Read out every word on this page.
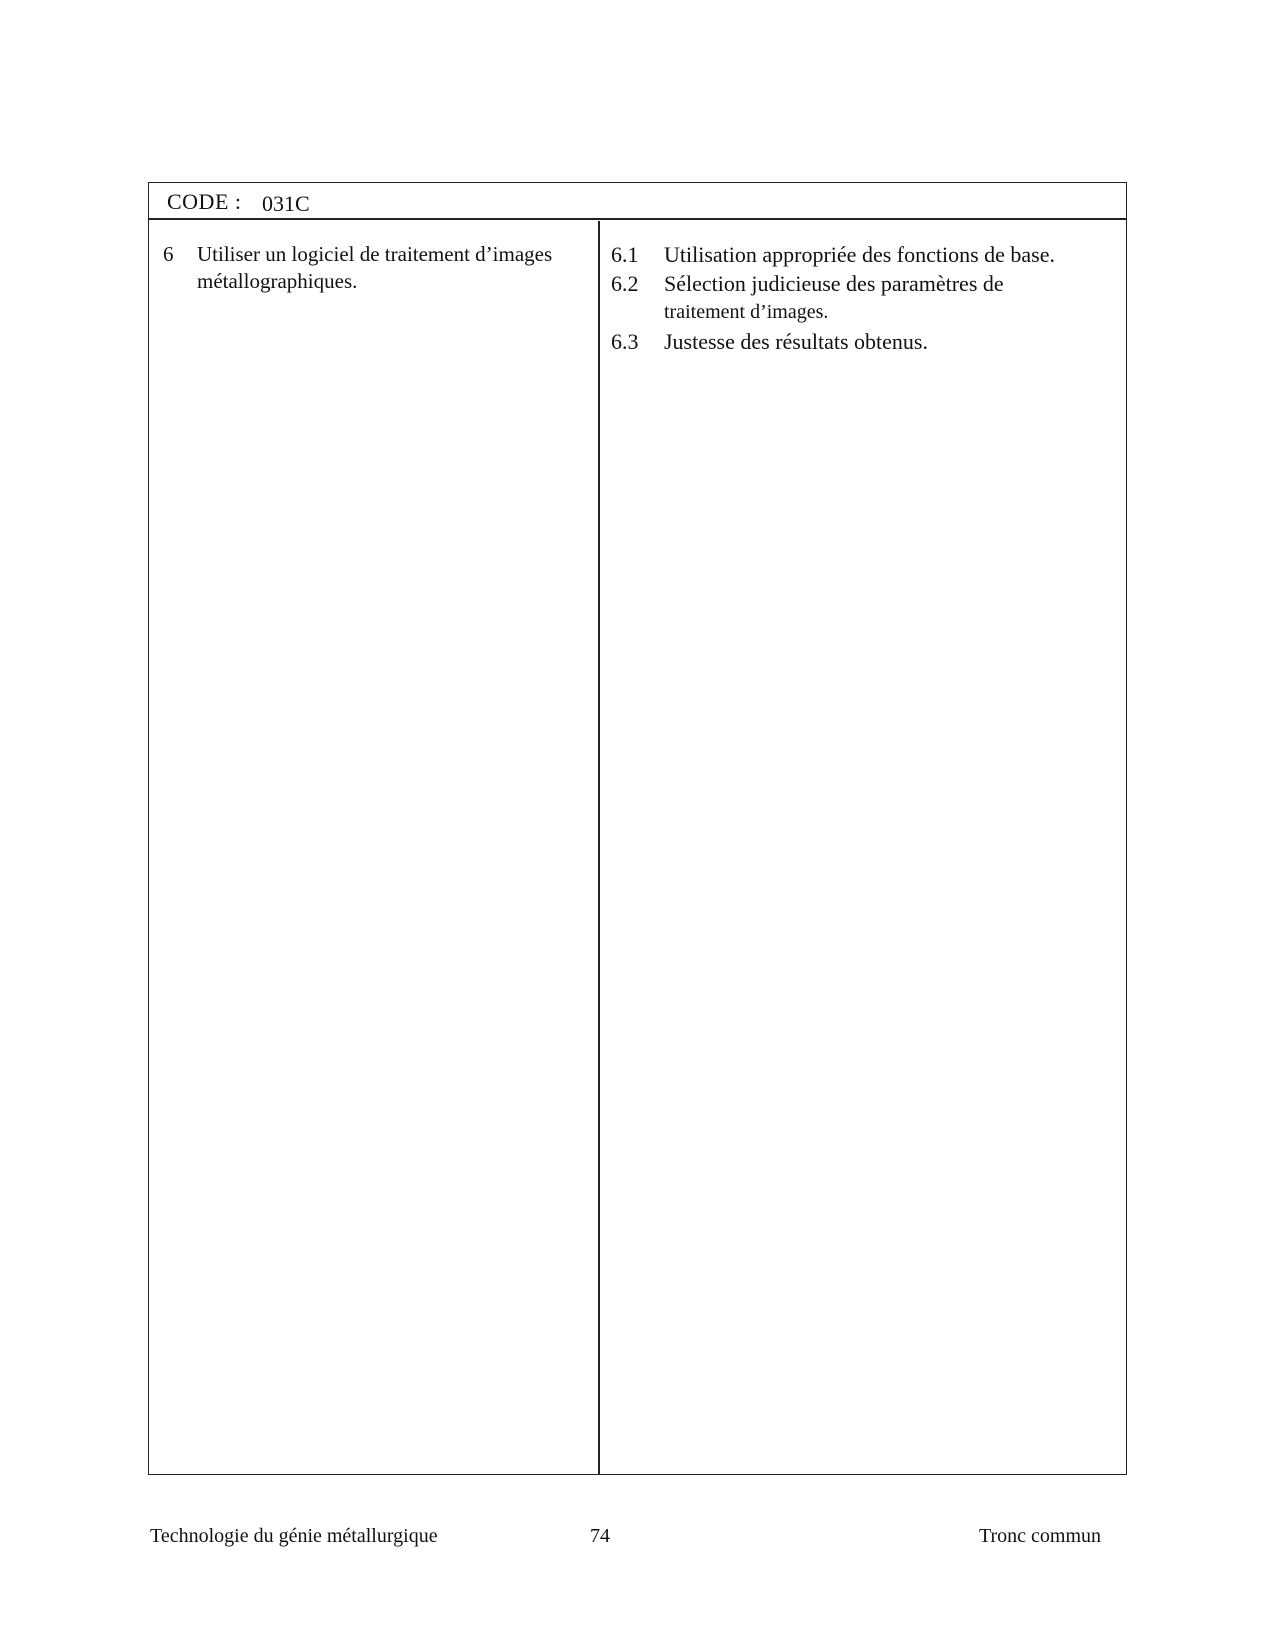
CODE : 031C
6	Utiliser un logiciel de traitement d’images
métallographiques.
6.1	Utilisation appropriée des fonctions de base.
6.2	Sélection judicieuse des paramètres de
traitement d’images.
6.3	Justesse des résultats obtenus.
Technologie du génie métallurgique	74	Tronc commun
